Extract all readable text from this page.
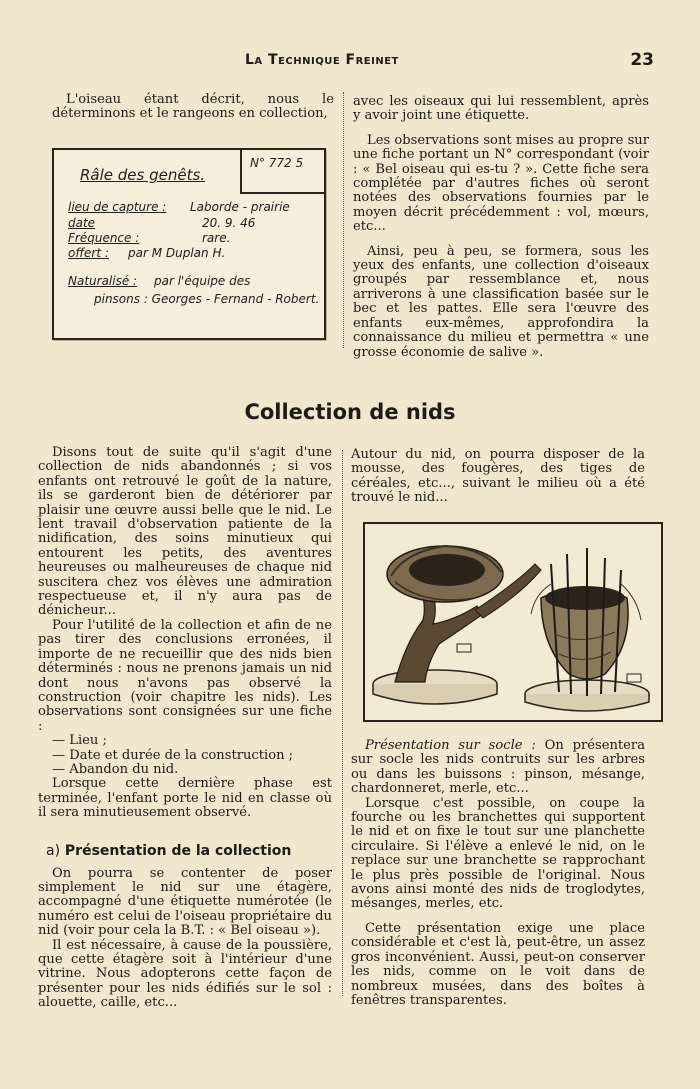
La Technique Freinet	23

L'oiseau étant décrit, nous le déterminons et le rangeons en collection,

N° 772 5
Râle des genêts.
lieu de capture : Laborde - prairie
date	20. 9. 46
Fréquence :	rare.
offert : par M Duplan H.
Naturalisé : par l'équipe des
pinsons : Georges - Fernand - Robert.

avec les oiseaux qui lui ressemblent, après y avoir joint une étiquette.

Les observations sont mises au propre sur une fiche portant un N° correspondant (voir : « Bel oiseau qui es-tu ? ». Cette fiche sera complétée par d'autres fiches où seront notées des observations fournies par le moyen décrit précédemment : vol, mœurs, etc...

Ainsi, peu à peu, se formera, sous les yeux des enfants, une collection d'oiseaux groupés par ressemblance et, nous arriverons à une classification basée sur le bec et les pattes. Elle sera l'œuvre des enfants eux-mêmes, approfondira la connaissance du milieu et permettra « une grosse économie de salive ».

Collection de nids

Disons tout de suite qu'il s'agit d'une collection de nids abandonnés ; si vos enfants ont retrouvé le goût de la nature, ils se garderont bien de détériorer par plaisir une œuvre aussi belle que le nid. Le lent travail d'observation patiente de la nidification, des soins minutieux qui entourent les petits, des aventures heureuses ou malheureuses de chaque nid suscitera chez vos élèves une admiration respectueuse et, il n'y aura pas de dénicheur...

Pour l'utilité de la collection et afin de ne pas tirer des conclusions erronées, il importe de ne recueillir que des nids bien déterminés : nous ne prenons jamais un nid dont nous n'avons pas observé la construction (voir chapitre les nids). Les observations sont consignées sur une fiche :

— Lieu ;

— Date et durée de la construction ;

— Abandon du nid.

Lorsque cette dernière phase est terminée, l'enfant porte le nid en classe où il sera minutieusement observé.

a) Présentation de la collection

On pourra se contenter de poser simplement le nid sur une étagère, accompagné d'une étiquette numérotée (le numéro est celui de l'oiseau propriétaire du nid (voir pour cela la B.T. : « Bel oiseau »).

Il est nécessaire, à cause de la poussière, que cette étagère soit à l'intérieur d'une vitrine. Nous adopterons cette façon de présenter pour les nids édifiés sur le sol : alouette, caille, etc...

Autour du nid, on pourra disposer de la mousse, des fougères, des tiges de céréales, etc..., suivant le milieu où a été trouvé le nid...

Présentation sur socle : On présentera sur socle les nids contruits sur les arbres ou dans les buissons : pinson, mésange, chardonneret, merle, etc...

Lorsque c'est possible, on coupe la fourche ou les branchettes qui supportent le nid et on fixe le tout sur une planchette circulaire. Si l'élève a enlevé le nid, on le replace sur une branchette se rapprochant le plus près possible de l'original. Nous avons ainsi monté des nids de troglodytes, mésanges, merles, etc.

Cette présentation exige une place considérable et c'est là, peut-être, un assez gros inconvénient. Aussi, peut-on conserver les nids, comme on le voit dans de nombreux musées, dans des boîtes à fenêtres transparentes.
